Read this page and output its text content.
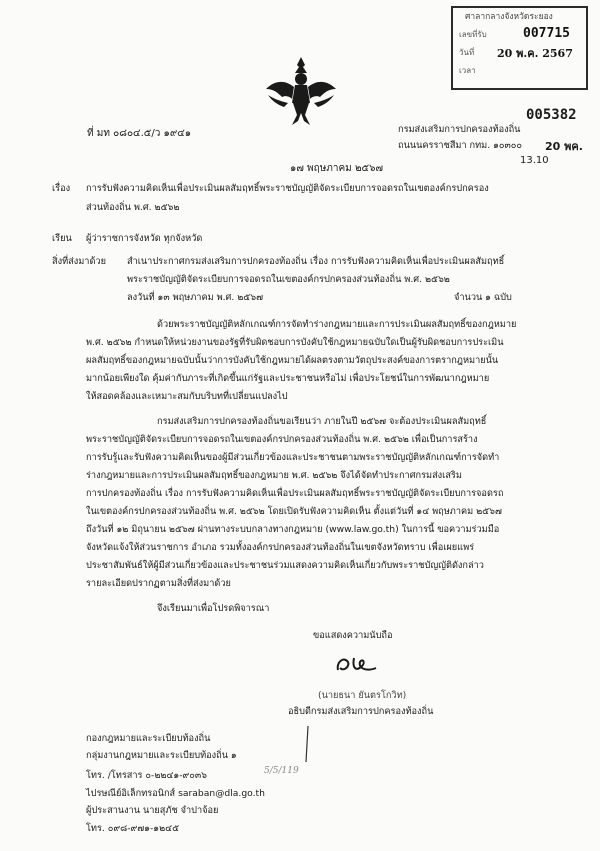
ศาลากลางจังหวัดระยอง
เลขที่รับ	007715
วันที่ 20 พ.ค. 2567
เวลา
ที่ มท ๐๘๐๔.๕/ว ๑๙๔๑
005382
กรมส่งเสริมการปกครองท้องถิ่น
ถนนนครราชสีมา กทม. ๑๐๓๐๐ 20 พค.
13.10
๑๗ พฤษภาคม ๒๕๖๗
เรื่อง การรับฟังความคิดเห็นเพื่อประเมินผลสัมฤทธิ์พระราชบัญญัติจัดระเบียบการจอดรถในเขตองค์กรปกครอง
ส่วนท้องถิ่น พ.ศ. ๒๕๖๒
เรียน ผู้ว่าราชการจังหวัด ทุกจังหวัด
สิ่งที่ส่งมาด้วย สำเนาประกาศกรมส่งเสริมการปกครองท้องถิ่น เรื่อง การรับฟังความคิดเห็นเพื่อประเมินผลสัมฤทธิ์
พระราชบัญญัติจัดระเบียบการจอดรถในเขตองค์กรปกครองส่วนท้องถิ่น พ.ศ. ๒๕๖๒
ลงวันที่ ๑๓ พฤษภาคม พ.ศ. ๒๕๖๗	จำนวน ๑ ฉบับ
ด้วยพระราชบัญญัติหลักเกณฑ์การจัดทำร่างกฎหมายและการประเมินผลสัมฤทธิ์ของกฎหมาย
พ.ศ. ๒๕๖๒ กำหนดให้หน่วยงานของรัฐที่รับผิดชอบการบังคับใช้กฎหมายฉบับใดเป็นผู้รับผิดชอบการประเมิน
ผลสัมฤทธิ์ของกฎหมายฉบับนั้นว่าการบังคับใช้กฎหมายได้ผลตรงตามวัตถุประสงค์ของการตรากฎหมายนั้น
มากน้อยเพียงใด คุ้มค่ากับภาระที่เกิดขึ้นแก่รัฐและประชาชนหรือไม่ เพื่อประโยชน์ในการพัฒนากฎหมาย
ให้สอดคล้องและเหมาะสมกับบริบทที่เปลี่ยนแปลงไป
กรมส่งเสริมการปกครองท้องถิ่นขอเรียนว่า ภายในปี ๒๕๖๗ จะต้องประเมินผลสัมฤทธิ์
พระราชบัญญัติจัดระเบียบการจอดรถในเขตองค์กรปกครองส่วนท้องถิ่น พ.ศ. ๒๕๖๒ เพื่อเป็นการสร้าง
การรับรู้และรับฟังความคิดเห็นของผู้มีส่วนเกี่ยวข้องและประชาชนตามพระราชบัญญัติหลักเกณฑ์การจัดทำ
ร่างกฎหมายและการประเมินผลสัมฤทธิ์ของกฎหมาย พ.ศ. ๒๕๖๒ จึงได้จัดทำประกาศกรมส่งเสริม
การปกครองท้องถิ่น เรื่อง การรับฟังความคิดเห็นเพื่อประเมินผลสัมฤทธิ์พระราชบัญญัติจัดระเบียบการจอดรถ
ในเขตองค์กรปกครองส่วนท้องถิ่น พ.ศ. ๒๕๖๒ โดยเปิดรับฟังความคิดเห็น ตั้งแต่วันที่ ๑๔ พฤษภาคม ๒๕๖๗
ถึงวันที่ ๑๒ มิถุนายน ๒๕๖๗ ผ่านทางระบบกลางทางกฎหมาย (www.law.go.th) ในการนี้ ขอความร่วมมือ
จังหวัดแจ้งให้ส่วนราชการ อำเภอ รวมทั้งองค์กรปกครองส่วนท้องถิ่นในเขตจังหวัดทราบ เพื่อเผยแพร่
ประชาสัมพันธ์ให้ผู้มีส่วนเกี่ยวข้องและประชาชนร่วมแสดงความคิดเห็นเกี่ยวกับพระราชบัญญัติดังกล่าว
รายละเอียดปรากฏตามสิ่งที่ส่งมาด้วย
จึงเรียนมาเพื่อโปรดพิจารณา
ขอแสดงความนับถือ
(นายธนา ยันตรโกวิท)
อธิบดีกรมส่งเสริมการปกครองท้องถิ่น
กองกฎหมายและระเบียบท้องถิ่น
กลุ่มงานกฎหมายและระเบียบท้องถิ่น ๑
โทร. /โทรสาร ๐-๒๒๔๑-๙๐๓๖
ไปรษณีย์อิเล็กทรอนิกส์ saraban@dla.go.th
ผู้ประสานงาน นายสุภัช จำปาจ้อย
โทร. ๐๙๘-๙๗๑-๑๒๔๕
5/5/119
